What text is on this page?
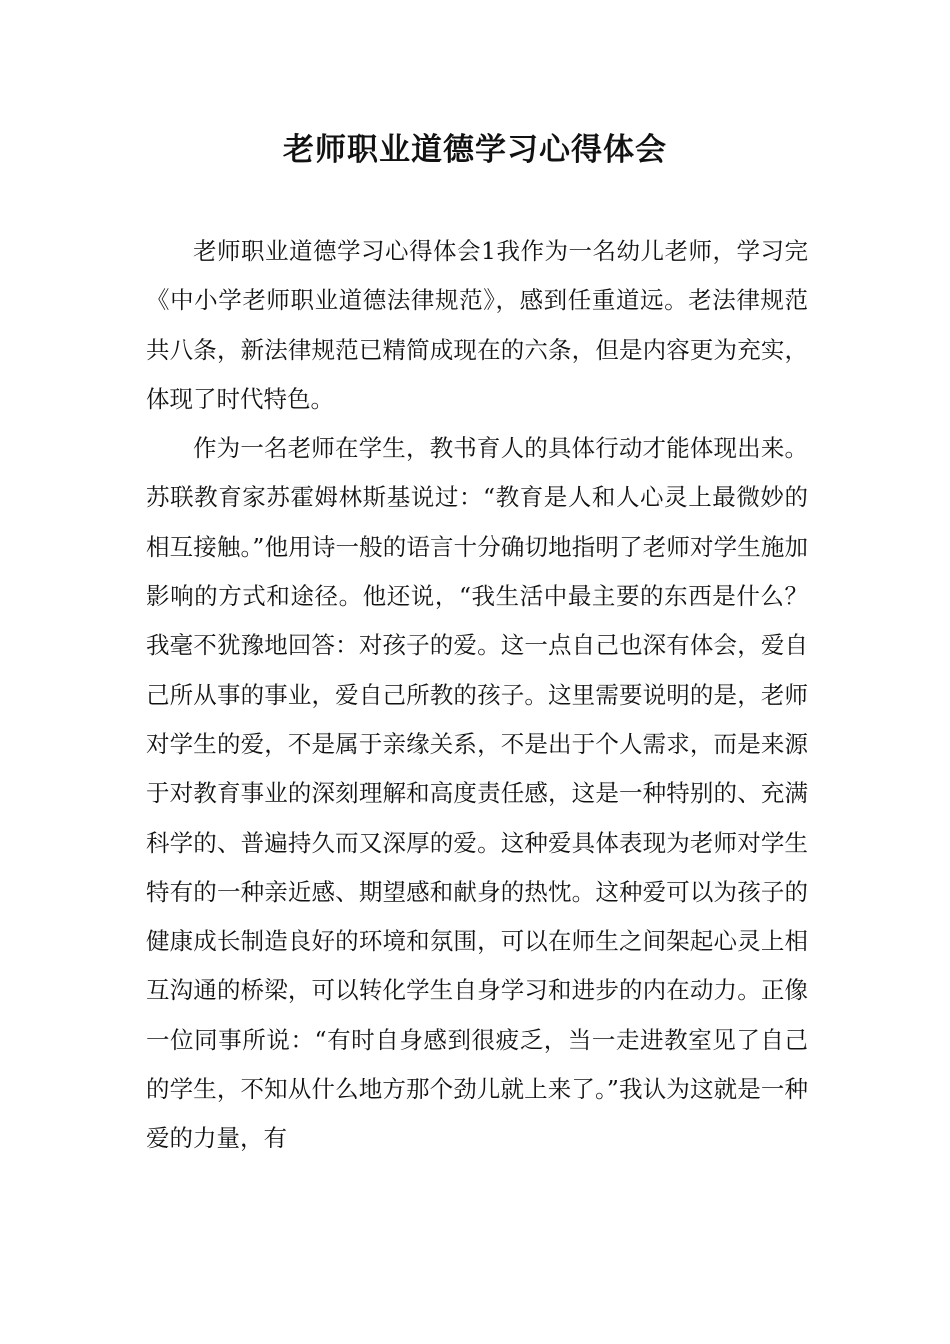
老师职业道德学习心得体会

老师职业道德学习心得体会1我作为一名幼儿老师，学习完《中小学老师职业道德法律规范》，感到任重道远。老法律规范共八条，新法律规范已精简成现在的六条，但是内容更为充实，体现了时代特色。

作为一名老师在学生，教书育人的具体行动才能体现出来。苏联教育家苏霍姆林斯基说过：“教育是人和人心灵上最微妙的相互接触。”他用诗一般的语言十分确切地指明了老师对学生施加影响的方式和途径。他还说，“我生活中最主要的东西是什么？我毫不犹豫地回答：对孩子的爱。这一点自己也深有体会，爱自己所从事的事业，爱自己所教的孩子。这里需要说明的是，老师对学生的爱，不是属于亲缘关系，不是出于个人需求，而是来源于对教育事业的深刻理解和高度责任感，这是一种特别的、充满科学的、普遍持久而又深厚的爱。这种爱具体表现为老师对学生特有的一种亲近感、期望感和献身的热忱。这种爱可以为孩子的健康成长制造良好的环境和氛围，可以在师生之间架起心灵上相互沟通的桥梁，可以转化学生自身学习和进步的内在动力。正像一位同事所说：“有时自身感到很疲乏，当一走进教室见了自己的学生，不知从什么地方那个劲儿就上来了。”我认为这就是一种爱的力量，有
